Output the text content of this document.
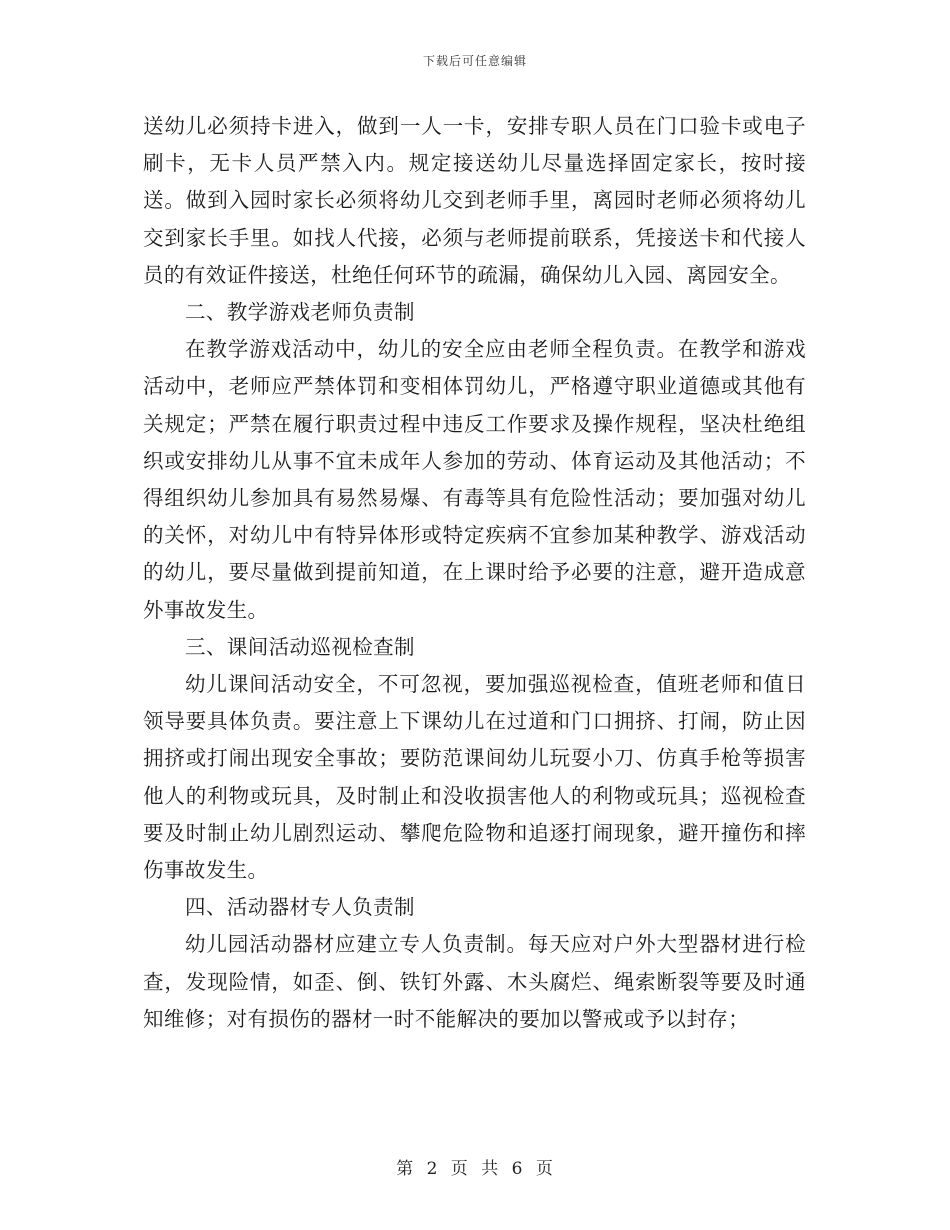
下载后可任意编辑

送幼儿必须持卡进入，做到一人一卡，安排专职人员在门口验卡或电子刷卡，无卡人员严禁入内。规定接送幼儿尽量选择固定家长，按时接送。做到入园时家长必须将幼儿交到老师手里，离园时老师必须将幼儿交到家长手里。如找人代接，必须与老师提前联系，凭接送卡和代接人员的有效证件接送，杜绝任何环节的疏漏，确保幼儿入园、离园安全。

二、教学游戏老师负责制

在教学游戏活动中，幼儿的安全应由老师全程负责。在教学和游戏活动中，老师应严禁体罚和变相体罚幼儿，严格遵守职业道德或其他有关规定；严禁在履行职责过程中违反工作要求及操作规程，坚决杜绝组织或安排幼儿从事不宜未成年人参加的劳动、体育运动及其他活动；不得组织幼儿参加具有易然易爆、有毒等具有危险性活动；要加强对幼儿的关怀，对幼儿中有特异体形或特定疾病不宜参加某种教学、游戏活动的幼儿，要尽量做到提前知道，在上课时给予必要的注意，避开造成意外事故发生。

三、课间活动巡视检查制

幼儿课间活动安全，不可忽视，要加强巡视检查，值班老师和值日领导要具体负责。要注意上下课幼儿在过道和门口拥挤、打闹，防止因拥挤或打闹出现安全事故；要防范课间幼儿玩耍小刀、仿真手枪等损害他人的利物或玩具，及时制止和没收损害他人的利物或玩具；巡视检查要及时制止幼儿剧烈运动、攀爬危险物和追逐打闹现象，避开撞伤和摔伤事故发生。

四、活动器材专人负责制

幼儿园活动器材应建立专人负责制。每天应对户外大型器材进行检查，发现险情，如歪、倒、铁钉外露、木头腐烂、绳索断裂等要及时通知维修；对有损伤的器材一时不能解决的要加以警戒或予以封存；

第 2 页 共 6 页
